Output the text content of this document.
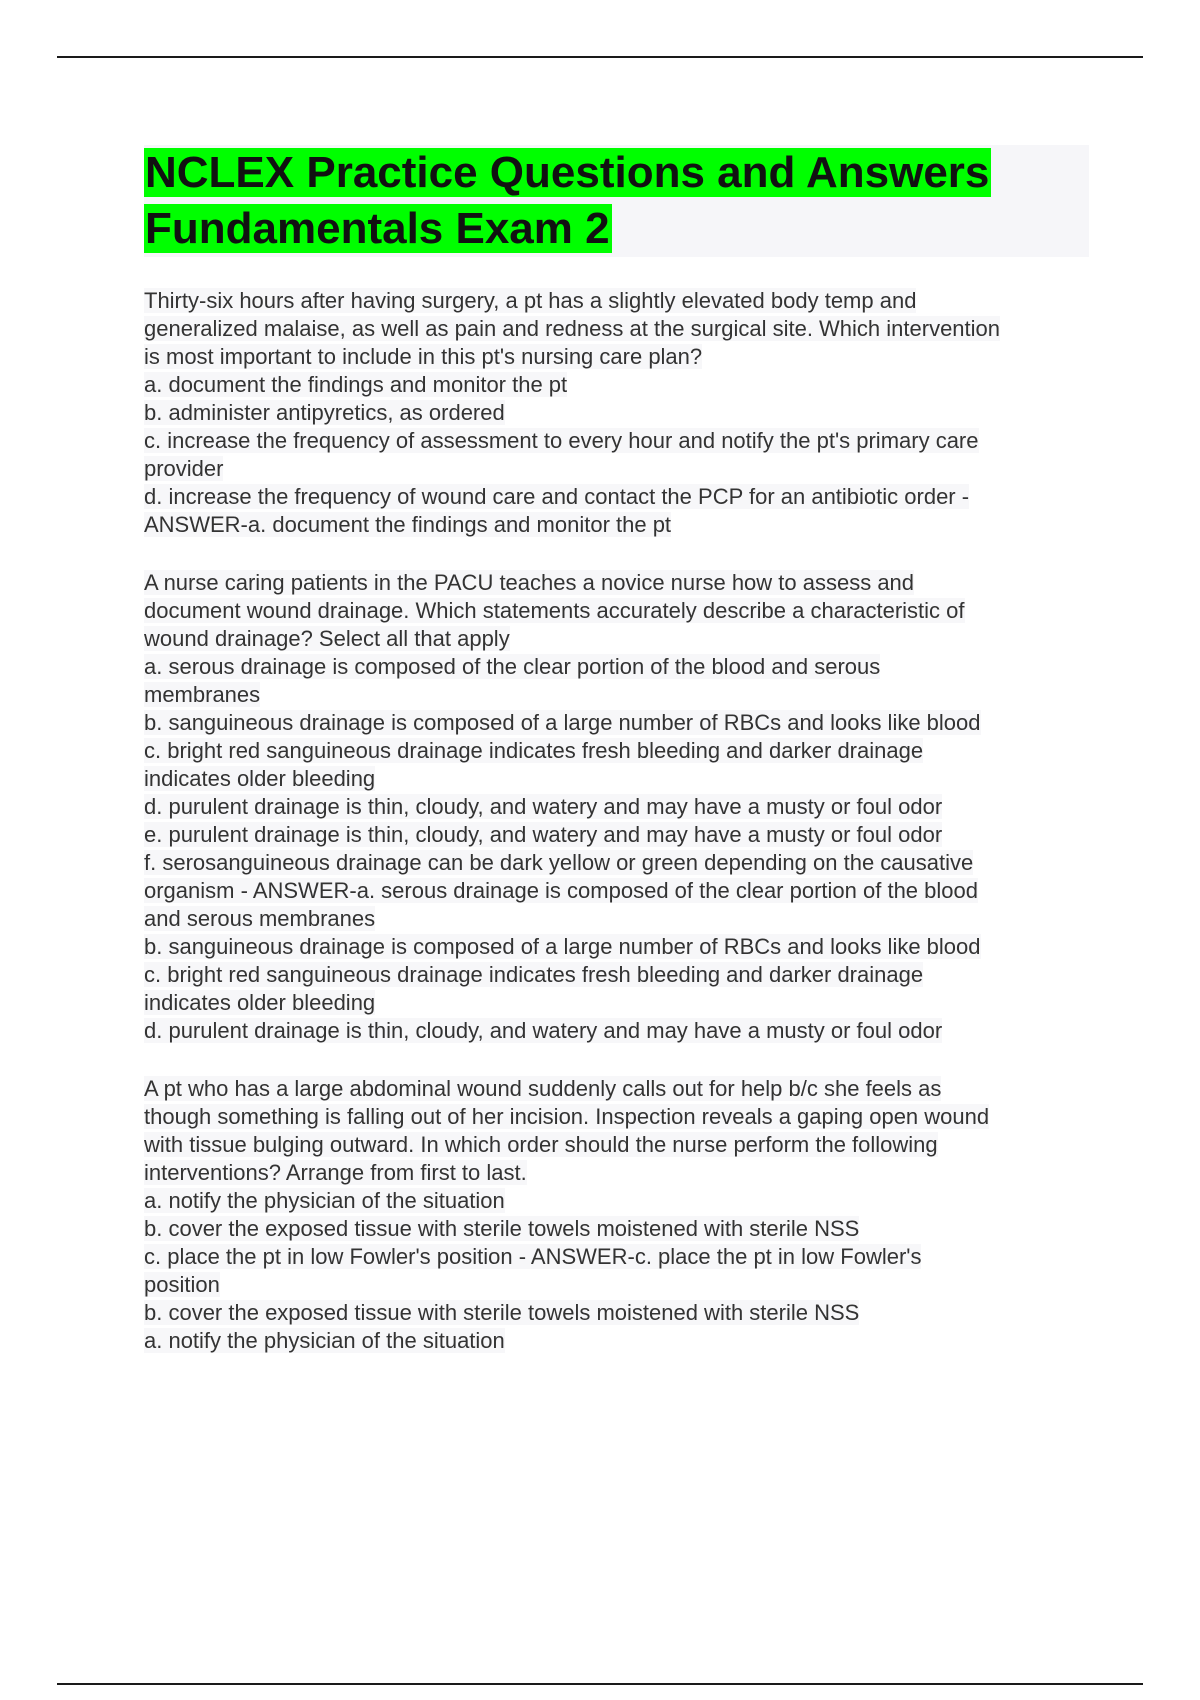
NCLEX Practice Questions and Answers
Fundamentals Exam 2
Thirty-six hours after having surgery, a pt has a slightly elevated body temp and
generalized malaise, as well as pain and redness at the surgical site. Which intervention
is most important to include in this pt's nursing care plan?
a. document the findings and monitor the pt
b. administer antipyretics, as ordered
c. increase the frequency of assessment to every hour and notify the pt's primary care
provider
d. increase the frequency of wound care and contact the PCP for an antibiotic order -
ANSWER-a. document the findings and monitor the pt
A nurse caring patients in the PACU teaches a novice nurse how to assess and
document wound drainage. Which statements accurately describe a characteristic of
wound drainage? Select all that apply
a. serous drainage is composed of the clear portion of the blood and serous
membranes
b. sanguineous drainage is composed of a large number of RBCs and looks like blood
c. bright red sanguineous drainage indicates fresh bleeding and darker drainage
indicates older bleeding
d. purulent drainage is thin, cloudy, and watery and may have a musty or foul odor
e. purulent drainage is thin, cloudy, and watery and may have a musty or foul odor
f. serosanguineous drainage can be dark yellow or green depending on the causative
organism - ANSWER-a. serous drainage is composed of the clear portion of the blood
and serous membranes
b. sanguineous drainage is composed of a large number of RBCs and looks like blood
c. bright red sanguineous drainage indicates fresh bleeding and darker drainage
indicates older bleeding
d. purulent drainage is thin, cloudy, and watery and may have a musty or foul odor
A pt who has a large abdominal wound suddenly calls out for help b/c she feels as
though something is falling out of her incision. Inspection reveals a gaping open wound
with tissue bulging outward. In which order should the nurse perform the following
interventions? Arrange from first to last.
a. notify the physician of the situation
b. cover the exposed tissue with sterile towels moistened with sterile NSS
c. place the pt in low Fowler's position - ANSWER-c. place the pt in low Fowler's
position
b. cover the exposed tissue with sterile towels moistened with sterile NSS
a. notify the physician of the situation
